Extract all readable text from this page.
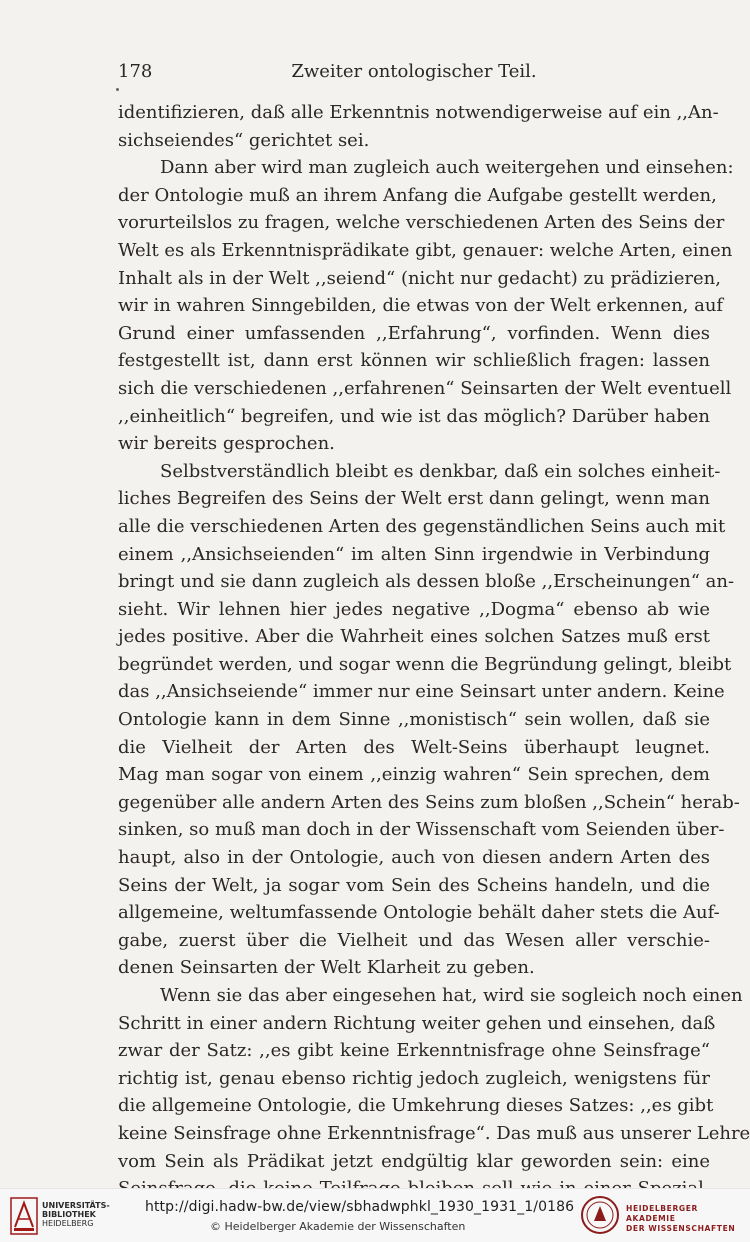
178	Zweiter ontologischer Teil.
identifizieren, daß alle Erkenntnis notwendigerweise auf ein ,,An-
sichseiendes“ gerichtet sei.
Dann aber wird man zugleich auch weitergehen und einsehen:
der Ontologie muß an ihrem Anfang die Aufgabe gestellt werden,
vorurteilslos zu fragen, welche verschiedenen Arten des Seins der
Welt es als Erkenntnisprädikate gibt, genauer: welche Arten, einen
Inhalt als in der Welt ,,seiend“ (nicht nur gedacht) zu prädizieren,
wir in wahren Sinngebilden, die etwas von der Welt erkennen, auf
Grund einer umfassenden ,,Erfahrung“, vorfinden. Wenn dies
festgestellt ist, dann erst können wir schließlich fragen: lassen
sich die verschiedenen ,,erfahrenen“ Seinsarten der Welt eventuell
,,einheitlich“ begreifen, und wie ist das möglich? Darüber haben
wir bereits gesprochen.
Selbstverständlich bleibt es denkbar, daß ein solches einheit-
liches Begreifen des Seins der Welt erst dann gelingt, wenn man
alle die verschiedenen Arten des gegenständlichen Seins auch mit
einem ,,Ansichseienden“ im alten Sinn irgendwie in Verbindung
bringt und sie dann zugleich als dessen bloße ,,Erscheinungen“ an-
sieht. Wir lehnen hier jedes negative ,,Dogma“ ebenso ab wie
jedes positive. Aber die Wahrheit eines solchen Satzes muß erst
begründet werden, und sogar wenn die Begründung gelingt, bleibt
das ,,Ansichseiende“ immer nur eine Seinsart unter andern. Keine
Ontologie kann in dem Sinne ,,monistisch“ sein wollen, daß sie
die Vielheit der Arten des Welt-Seins überhaupt leugnet.
Mag man sogar von einem ,,einzig wahren“ Sein sprechen, dem
gegenüber alle andern Arten des Seins zum bloßen ,,Schein“ herab-
sinken, so muß man doch in der Wissenschaft vom Seienden über-
haupt, also in der Ontologie, auch von diesen andern Arten des
Seins der Welt, ja sogar vom Sein des Scheins handeln, und die
allgemeine, weltumfassende Ontologie behält daher stets die Auf-
gabe, zuerst über die Vielheit und das Wesen aller verschie-
denen Seinsarten der Welt Klarheit zu geben.
Wenn sie das aber eingesehen hat, wird sie sogleich noch einen
Schritt in einer andern Richtung weiter gehen und einsehen, daß
zwar der Satz: ,,es gibt keine Erkenntnisfrage ohne Seinsfrage“
richtig ist, genau ebenso richtig jedoch zugleich, wenigstens für
die allgemeine Ontologie, die Umkehrung dieses Satzes: ,,es gibt
keine Seinsfrage ohne Erkenntnisfrage“. Das muß aus unserer Lehre
vom Sein als Prädikat jetzt endgültig klar geworden sein: eine
UNIVERSITÄTS-
BIBLIOTHEK
HEIDELBERG
http://digi.hadw-bw.de/view/sbhadwphkl_1930_1931_1/0186
© Heidelberger Akademie der Wissenschaften
HEIDELBERGER AKADEMIE
DER WISSENSCHAFTEN
